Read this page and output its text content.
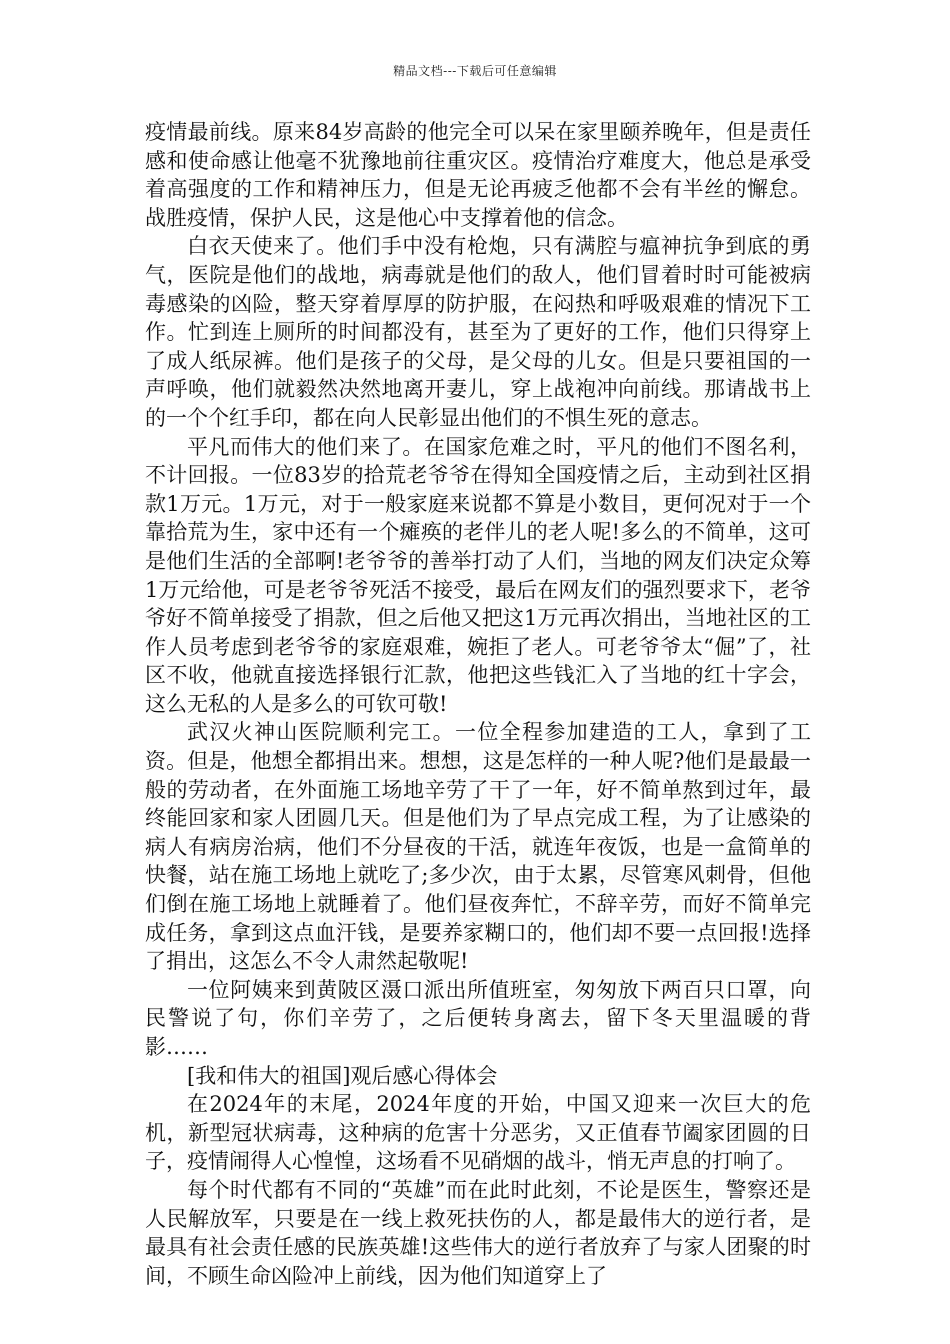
精品文档---下载后可任意编辑

疫情最前线。原来84岁高龄的他完全可以呆在家里颐养晚年，但是责任感和使命感让他毫不犹豫地前往重灾区。疫情治疗难度大，他总是承受着高强度的工作和精神压力，但是无论再疲乏他都不会有半丝的懈怠。战胜疫情，保护人民，这是他心中支撑着他的信念。

白衣天使来了。他们手中没有枪炮，只有满腔与瘟神抗争到底的勇气，医院是他们的战地，病毒就是他们的敌人，他们冒着时时可能被病毒感染的凶险，整天穿着厚厚的防护服，在闷热和呼吸艰难的情况下工作。忙到连上厕所的时间都没有，甚至为了更好的工作，他们只得穿上了成人纸尿裤。他们是孩子的父母，是父母的儿女。但是只要祖国的一声呼唤，他们就毅然决然地离开妻儿，穿上战袍冲向前线。那请战书上的一个个红手印，都在向人民彰显出他们的不惧生死的意志。

平凡而伟大的他们来了。在国家危难之时，平凡的他们不图名利，不计回报。一位83岁的拾荒老爷爷在得知全国疫情之后，主动到社区捐款1万元。1万元，对于一般家庭来说都不算是小数目，更何况对于一个靠拾荒为生，家中还有一个瘫痪的老伴儿的老人呢!多么的不简单，这可是他们生活的全部啊!老爷爷的善举打动了人们，当地的网友们决定众筹1万元给他，可是老爷爷死活不接受，最后在网友们的强烈要求下，老爷爷好不简单接受了捐款，但之后他又把这1万元再次捐出，当地社区的工作人员考虑到老爷爷的家庭艰难，婉拒了老人。可老爷爷太“倔”了，社区不收，他就直接选择银行汇款，他把这些钱汇入了当地的红十字会，这么无私的人是多么的可钦可敬!

武汉火神山医院顺利完工。一位全程参加建造的工人，拿到了工资。但是，他想全都捐出来。想想，这是怎样的一种人呢?他们是最最一般的劳动者，在外面施工场地辛劳了干了一年，好不简单熬到过年，最终能回家和家人团圆几天。但是他们为了早点完成工程，为了让感染的病人有病房治病，他们不分昼夜的干活，就连年夜饭，也是一盒简单的快餐，站在施工场地上就吃了;多少次，由于太累，尽管寒风刺骨，但他们倒在施工场地上就睡着了。他们昼夜奔忙，不辞辛劳，而好不简单完成任务，拿到这点血汗钱，是要养家糊口的，他们却不要一点回报!选择了捐出，这怎么不令人肃然起敬呢!

一位阿姨来到黄陂区滠口派出所值班室，匆匆放下两百只口罩，向民警说了句，你们辛劳了，之后便转身离去，留下冬天里温暖的背影……

[我和伟大的祖国]观后感心得体会

在2024年的末尾，2024年度的开始，中国又迎来一次巨大的危机，新型冠状病毒，这种病的危害十分恶劣，又正值春节阖家团圆的日子，疫情闹得人心惶惶，这场看不见硝烟的战斗，悄无声息的打响了。

每个时代都有不同的“英雄”而在此时此刻，不论是医生，警察还是人民解放军，只要是在一线上救死扶伤的人，都是最伟大的逆行者，是最具有社会责任感的民族英雄!这些伟大的逆行者放弃了与家人团聚的时间，不顾生命凶险冲上前线，因为他们知道穿上了
